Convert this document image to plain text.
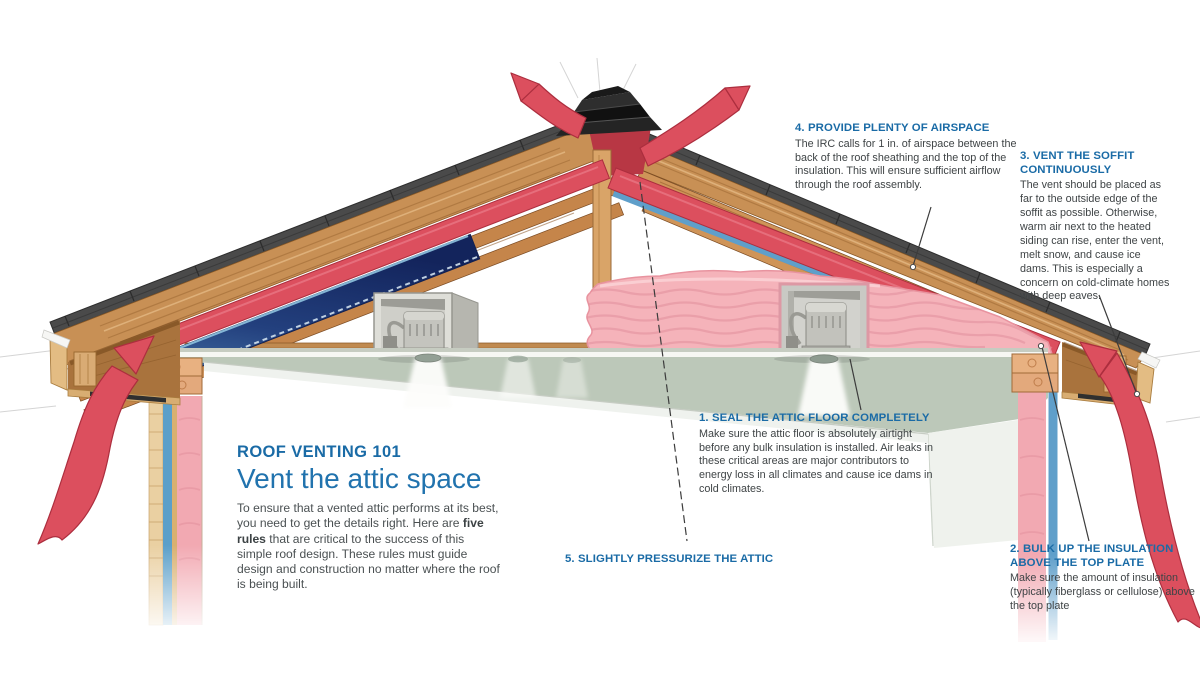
ROOF VENTING 101

Vent the attic space

To ensure that a vented attic performs at its best, you need to get the details right. Here are five rules that are critical to the success of this simple roof design. These rules must guide design and construction no matter where the roof is being built.

4. PROVIDE PLENTY OF AIRSPACE

The IRC calls for 1 in. of airspace between the back of the roof sheathing and the top of the insulation. This will ensure sufficient airflow through the roof assembly.

3. VENT THE SOFFIT CONTINUOUSLY

The vent should be placed as far to the outside edge of the soffit as possible. Otherwise, warm air next to the heated siding can rise, enter the vent, melt snow, and cause ice dams. This is especially a concern on cold-climate homes with deep eaves.

1. SEAL THE ATTIC FLOOR COMPLETELY

Make sure the attic floor is absolutely airtight before any bulk insulation is installed. Air leaks in these critical areas are major contributors to energy loss in all climates and cause ice dams in cold climates.

5. SLIGHTLY PRESSURIZE THE ATTIC

2. BULK UP THE INSULATION ABOVE THE TOP PLATE

Make sure the amount of insulation (typically fiberglass or cellulose) above the top plate
